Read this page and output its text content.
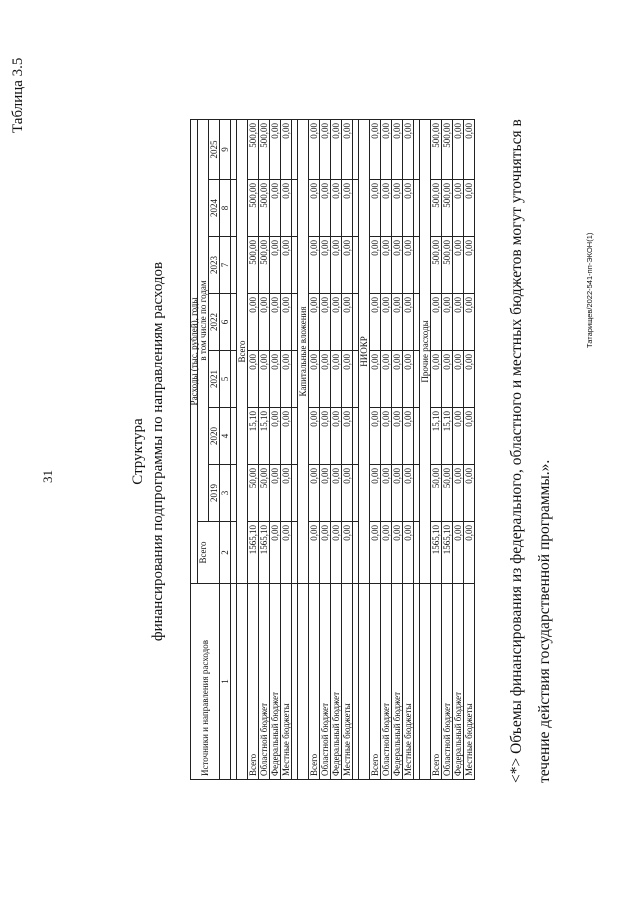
31
Таблица 3.5
Структура финансирования подпрограммы по направлениям расходов
Источники и направления расходов	Расходы (тыс. рублей), годы							
	Всего	в том числе по годам						
		2019	2020	2021	2022	2023	2024	2025
1	2	3	4	5	6	7	8	9

	Всего							
Всего	1565,10	50,00	15,10	0,00	0,00	500,00	500,00	500,00
Областной бюджет	1565,10	50,00	15,10	0,00	0,00	500,00	500,00	500,00
Федеральный бюджет	0,00	0,00	0,00	0,00	0,00	0,00	0,00	0,00
Местные бюджеты	0,00	0,00	0,00	0,00	0,00	0,00	0,00	0,00

	Капитальные вложения							
Всего	0,00	0,00	0,00	0,00	0,00	0,00	0,00	0,00
Областной бюджет	0,00	0,00	0,00	0,00	0,00	0,00	0,00	0,00
Федеральный бюджет	0,00	0,00	0,00	0,00	0,00	0,00	0,00	0,00
Местные бюджеты	0,00	0,00	0,00	0,00	0,00	0,00	0,00	0,00

	НИОКР							
Всего	0,00	0,00	0,00	0,00	0,00	0,00	0,00	0,00
Областной бюджет	0,00	0,00	0,00	0,00	0,00	0,00	0,00	0,00
Федеральный бюджет	0,00	0,00	0,00	0,00	0,00	0,00	0,00	0,00
Местные бюджеты	0,00	0,00	0,00	0,00	0,00	0,00	0,00	0,00

	Прочие расходы							
Всего	1565,10	50,00	15,10	0,00	0,00	500,00	500,00	500,00
Областной бюджет	1565,10	50,00	15,10	0,00	0,00	500,00	500,00	500,00
Федеральный бюджет	0,00	0,00	0,00	0,00	0,00	0,00	0,00	0,00
Местные бюджеты	0,00	0,00	0,00	0,00	0,00	0,00	0,00	0,00	<*> Объемы финансирования из федерального, областного и местных бюджетов могут уточняться в течение действия государственной программы.».
Татарищев/2022-541-пп-ЭКОН(1)
